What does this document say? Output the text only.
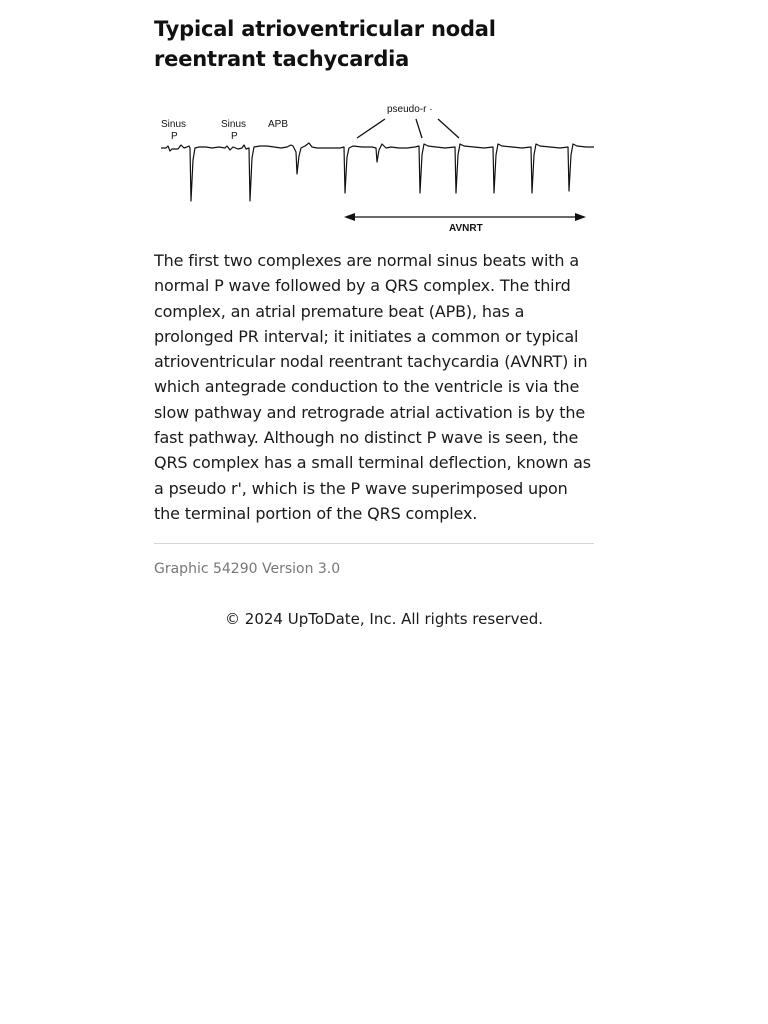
Typical atrioventricular nodal reentrant tachycardia
Sinus
P
Sinus
P
APB
pseudo-r ·
AVNRT

The first two complexes are normal sinus beats with a normal P wave followed by a QRS complex. The third complex, an atrial premature beat (APB), has a prolonged PR interval; it initiates a common or typical atrioventricular nodal reentrant tachycardia (AVNRT) in which antegrade conduction to the ventricle is via the slow pathway and retrograde atrial activation is by the fast pathway. Although no distinct P wave is seen, the QRS complex has a small terminal deflection, known as a pseudo r', which is the P wave superimposed upon the terminal portion of the QRS complex.

Graphic 54290 Version 3.0
© 2024 UpToDate, Inc. All rights reserved.
